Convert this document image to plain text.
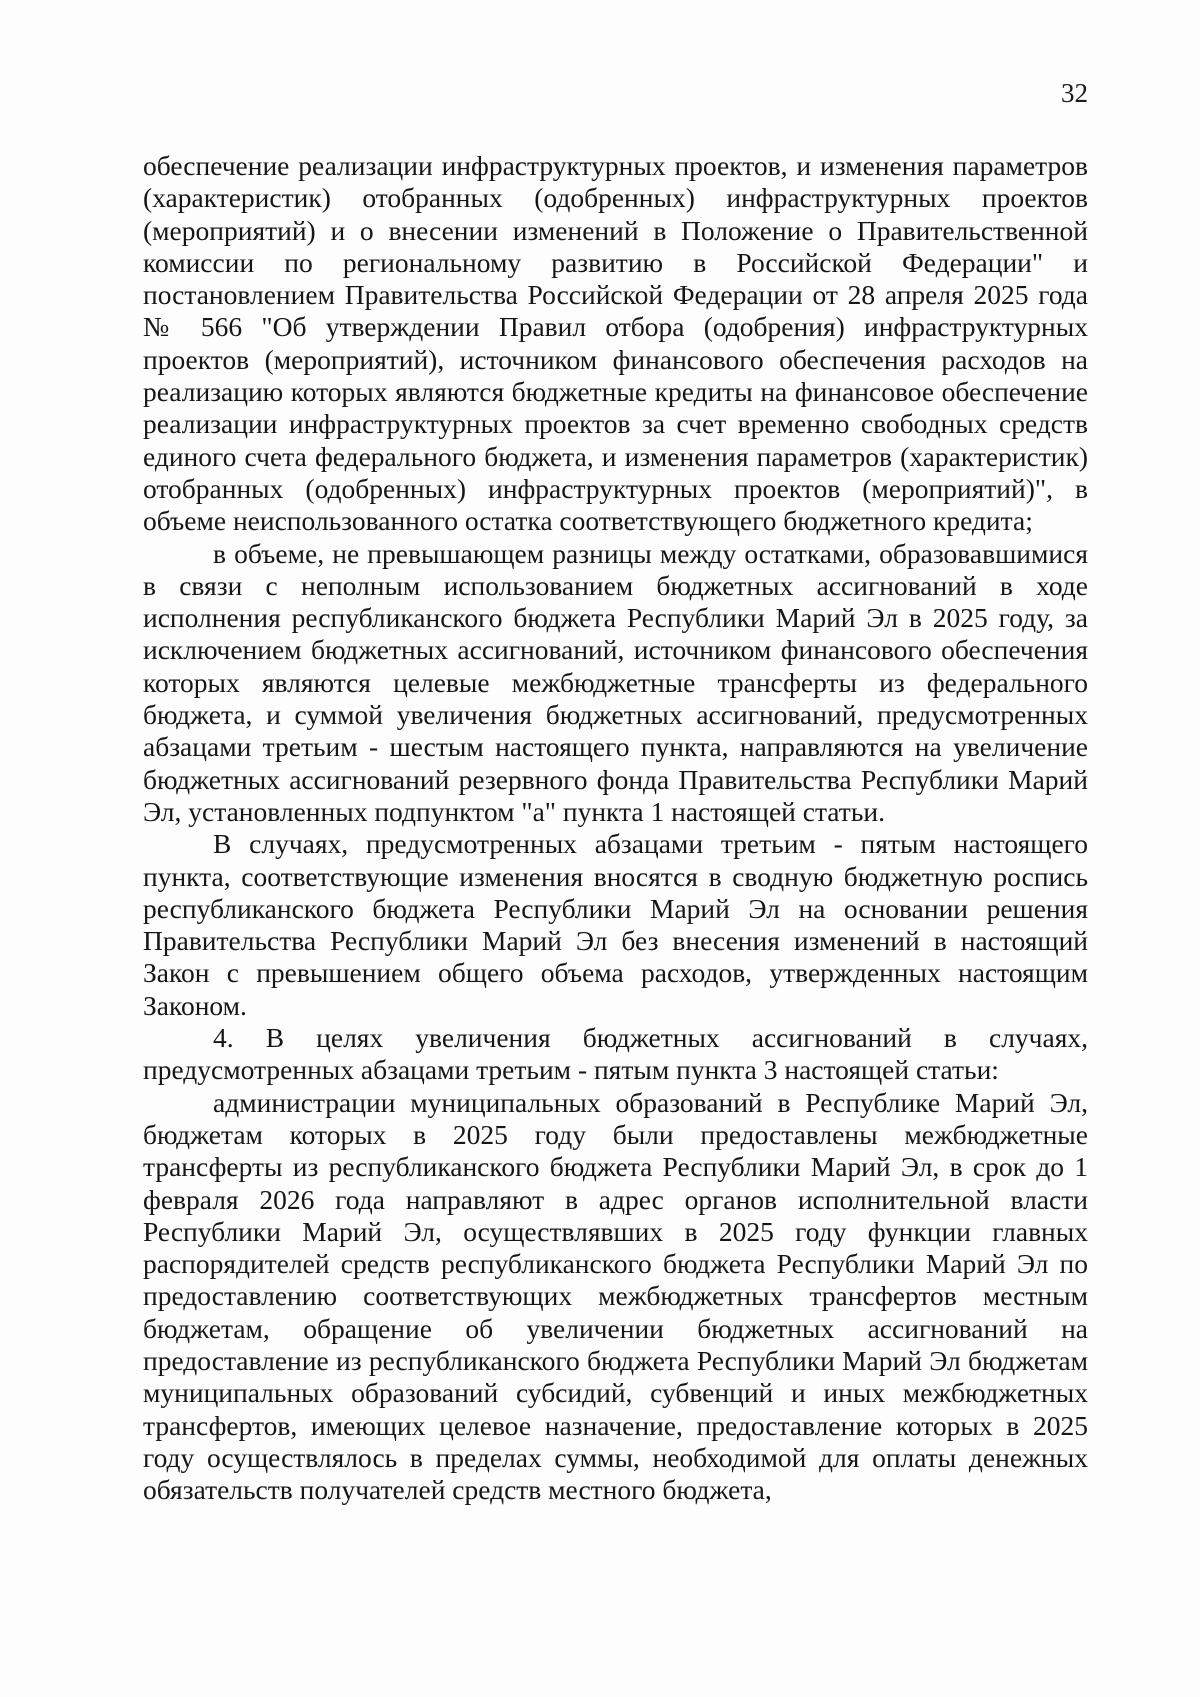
32

обеспечение реализации инфраструктурных проектов, и изменения параметров (характеристик) отобранных (одобренных) инфраструктурных проектов (мероприятий) и о внесении изменений в Положение о Правительственной комиссии по региональному развитию в Российской Федерации" и постановлением Правительства Российской Федерации от 28 апреля 2025 года № 566 "Об утверждении Правил отбора (одобрения) инфраструктурных проектов (мероприятий), источником финансового обеспечения расходов на реализацию которых являются бюджетные кредиты на финансовое обеспечение реализации инфраструктурных проектов за счет временно свободных средств единого счета федерального бюджета, и изменения параметров (характеристик) отобранных (одобренных) инфраструктурных проектов (мероприятий)", в объеме неиспользованного остатка соответствующего бюджетного кредита;

в объеме, не превышающем разницы между остатками, образовавшимися в связи с неполным использованием бюджетных ассигнований в ходе исполнения республиканского бюджета Республики Марий Эл в 2025 году, за исключением бюджетных ассигнований, источником финансового обеспечения которых являются целевые межбюджетные трансферты из федерального бюджета, и суммой увеличения бюджетных ассигнований, предусмотренных абзацами третьим - шестым настоящего пункта, направляются на увеличение бюджетных ассигнований резервного фонда Правительства Республики Марий Эл, установленных подпунктом "а" пункта 1 настоящей статьи.

В случаях, предусмотренных абзацами третьим - пятым настоящего пункта, соответствующие изменения вносятся в сводную бюджетную роспись республиканского бюджета Республики Марий Эл на основании решения Правительства Республики Марий Эл без внесения изменений в настоящий Закон с превышением общего объема расходов, утвержденных настоящим Законом.

4. В целях увеличения бюджетных ассигнований в случаях, предусмотренных абзацами третьим - пятым пункта 3 настоящей статьи:

администрации муниципальных образований в Республике Марий Эл, бюджетам которых в 2025 году были предоставлены межбюджетные трансферты из республиканского бюджета Республики Марий Эл, в срок до 1 февраля 2026 года направляют в адрес органов исполнительной власти Республики Марий Эл, осуществлявших в 2025 году функции главных распорядителей средств республиканского бюджета Республики Марий Эл по предоставлению соответствующих межбюджетных трансфертов местным бюджетам, обращение об увеличении бюджетных ассигнований на предоставление из республиканского бюджета Республики Марий Эл бюджетам муниципальных образований субсидий, субвенций и иных межбюджетных трансфертов, имеющих целевое назначение, предоставление которых в 2025 году осуществлялось в пределах суммы, необходимой для оплаты денежных обязательств получателей средств местного бюджета,
